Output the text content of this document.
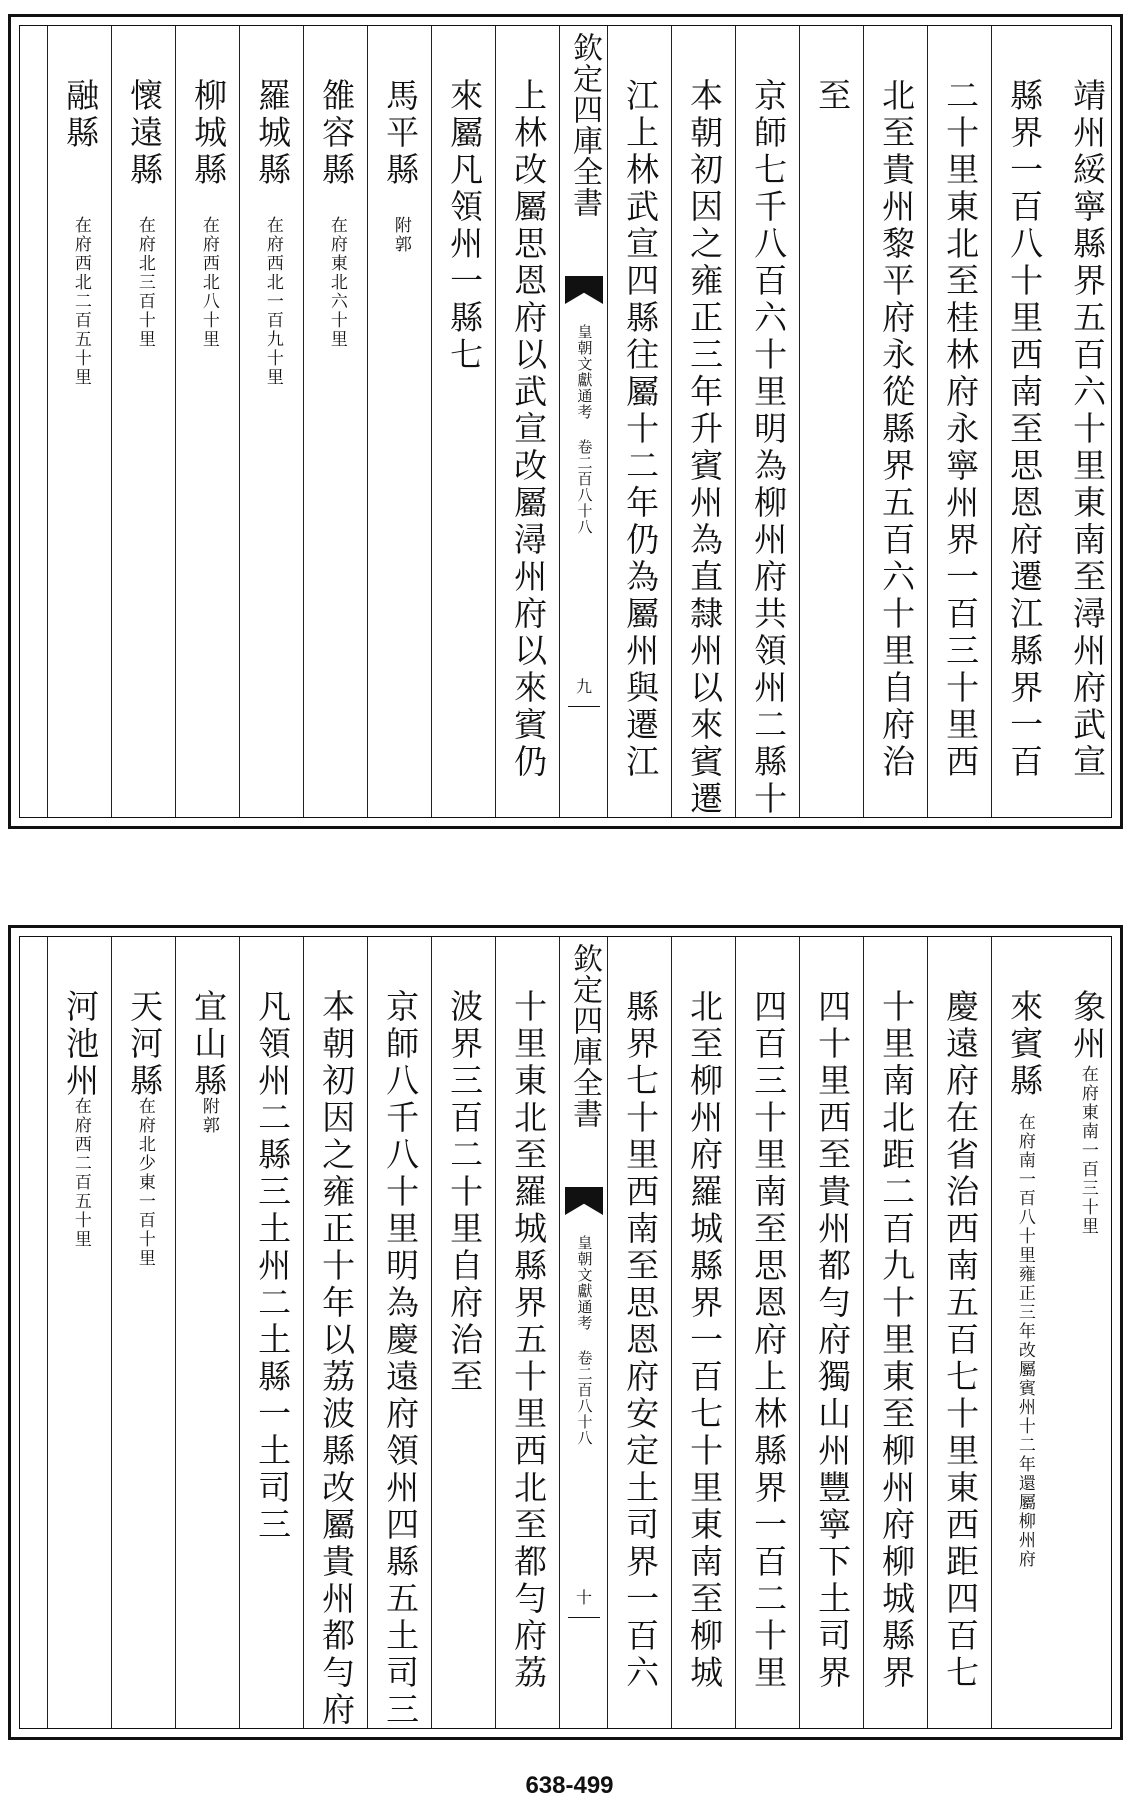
靖州綏寧縣界五百六十里東南至潯州府武宣
縣界一百八十里西南至思恩府遷江縣界一百
二十里東北至桂林府永寧州界一百三十里西
北至貴州黎平府永從縣界五百六十里自府治
至
京師七千八百六十里明為柳州府共領州二縣十
本朝初因之雍正三年升賓州為直隸州以來賓遷
江上林武宣四縣往屬十二年仍為屬州與遷江
欽定四庫全書
皇朝文獻通考 卷二百八十八
九
上林改屬思恩府以武宣改屬潯州府以來賓仍
來屬凡領州一縣七
馬平縣
附郭
雒容縣
在府東北六十里
羅城縣
在府西北一百九十里
柳城縣
在府西北八十里
懷遠縣
在府北三百十里
融縣
在府西北二百五十里
象州
在府東南一百三十里
來賓縣
在府南一百八十里雍正三年改屬賓州十二年還屬柳州府
慶遠府在省治西南五百七十里東西距四百七
十里南北距二百九十里東至柳州府柳城縣界
四十里西至貴州都勻府獨山州豐寧下土司界
四百三十里南至思恩府上林縣界一百二十里
北至柳州府羅城縣界一百七十里東南至柳城
縣界七十里西南至思恩府安定土司界一百六
欽定四庫全書
皇朝文獻通考 卷二百八十八
十
十里東北至羅城縣界五十里西北至都勻府荔
波界三百二十里自府治至
京師八千八十里明為慶遠府領州四縣五土司三
本朝初因之雍正十年以荔波縣改屬貴州都勻府
凡領州二縣三土州二土縣一土司三
宜山縣
附郭
天河縣
在府北少東一百十里
河池州
在府西二百五十里
638-499
